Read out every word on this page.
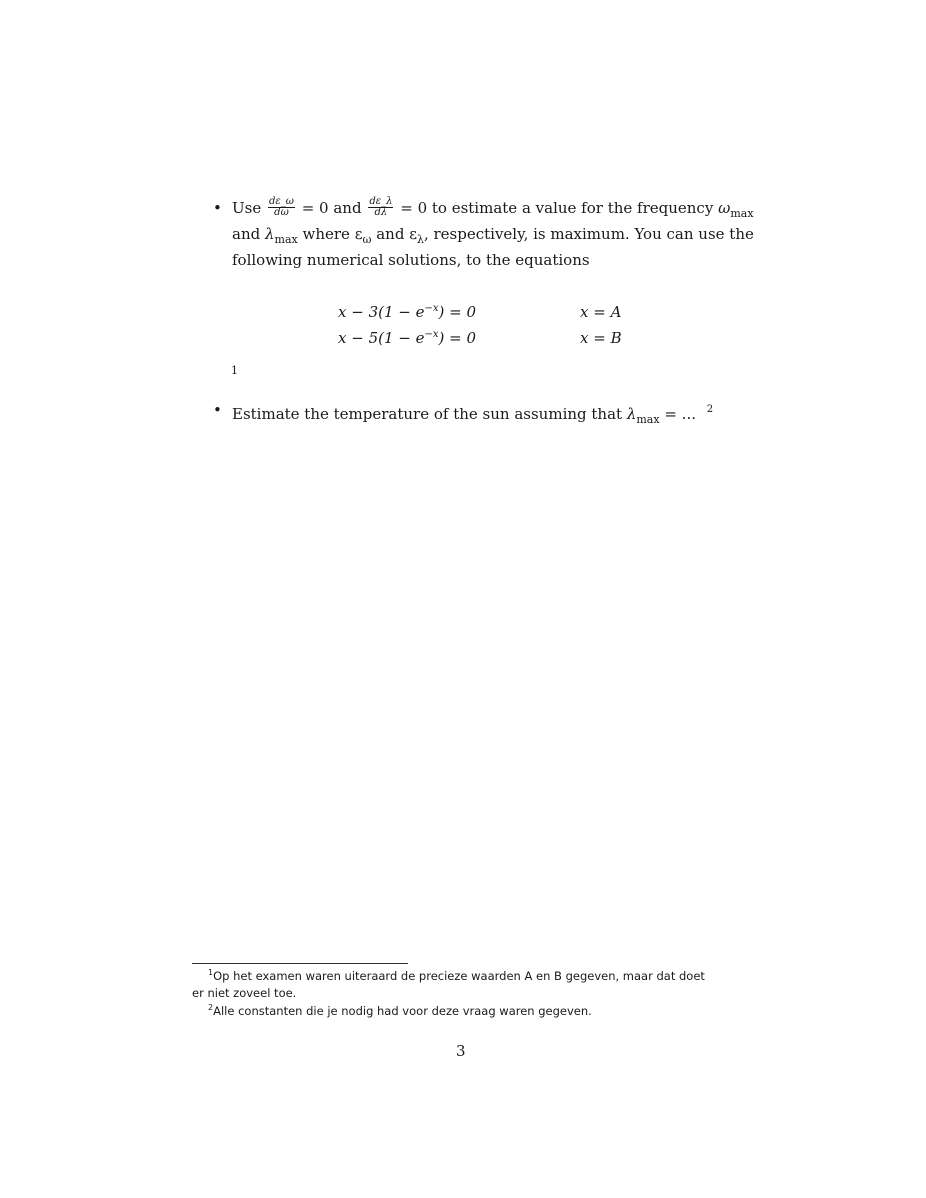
• Use $\frac{d\varepsilon\_\omega}{d\omega} = 0$ and $\frac{d\varepsilon\_\lambda}{d\lambda} = 0$ to estimate a value for the frequency $\omega_{max}$
and $\lambda_{max}$ where $\varepsilon_\omega$ and $\varepsilon_\lambda$, respectively, is maximum. You can use the
following numerical solutions, to the equations
$x - 3(1 - e^{-x}) = 0$	x = A
$x - 5(1 - e^{-x}) = 0$	x = B
1
• Estimate the temperature of the sun assuming that $\lambda_{max}$ = ... $^2$
$^1$Op het examen waren uiteraard de precieze waarden A en B gegeven, maar dat doet
er niet zoveel toe.
$^2$Alle constanten die je nodig had voor deze vraag waren gegeven.
3
